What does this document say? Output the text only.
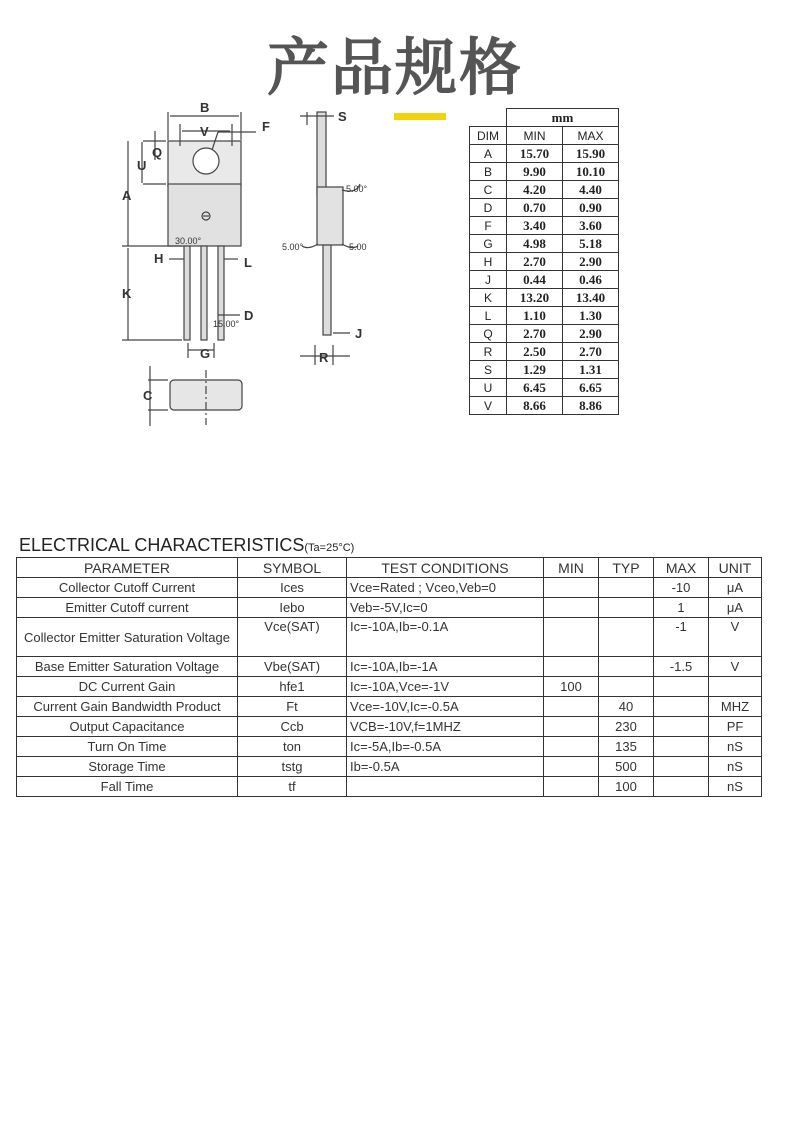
产品规格
B
V	F
Q
U
A
H	L
K
D
G
C
S
J
R
30.00°
15.00°
5.00°
5.00°	5.00
	mm	
DIM	MIN	MAX
A	15.70	15.90
B	9.90	10.10
C	4.20	4.40
D	0.70	0.90
F	3.40	3.60
G	4.98	5.18
H	2.70	2.90
J	0.44	0.46
K	13.20	13.40
L	1.10	1.30
Q	2.70	2.90
R	2.50	2.70
S	1.29	1.31
U	6.45	6.65
V	8.66	8.86
ELECTRICAL CHARACTERISTICS(Ta=25°C)
PARAMETER	SYMBOL	TEST CONDITIONS	MIN	TYP	MAX	UNIT
Collector Cutoff Current	Ices	Vce=Rated ; Vceo,Veb=0			-10	μA
Emitter Cutoff current	Iebo	Veb=-5V,Ic=0			1	μA
Collector Emitter Saturation Voltage	Vce(SAT)	Ic=-10A,Ib=-0.1A			-1	V
Base Emitter Saturation Voltage	Vbe(SAT)	Ic=-10A,Ib=-1A			-1.5	V
DC Current Gain	hfe1	Ic=-10A,Vce=-1V	100			
Current Gain Bandwidth Product	Ft	Vce=-10V,Ic=-0.5A		40		MHZ
Output Capacitance	Ccb	VCB=-10V,f=1MHZ		230		PF
Turn On Time	ton	Ic=-5A,Ib=-0.5A		135		nS
Storage Time	tstg	Ib=-0.5A		500		nS
Fall Time	tf			100		nS
